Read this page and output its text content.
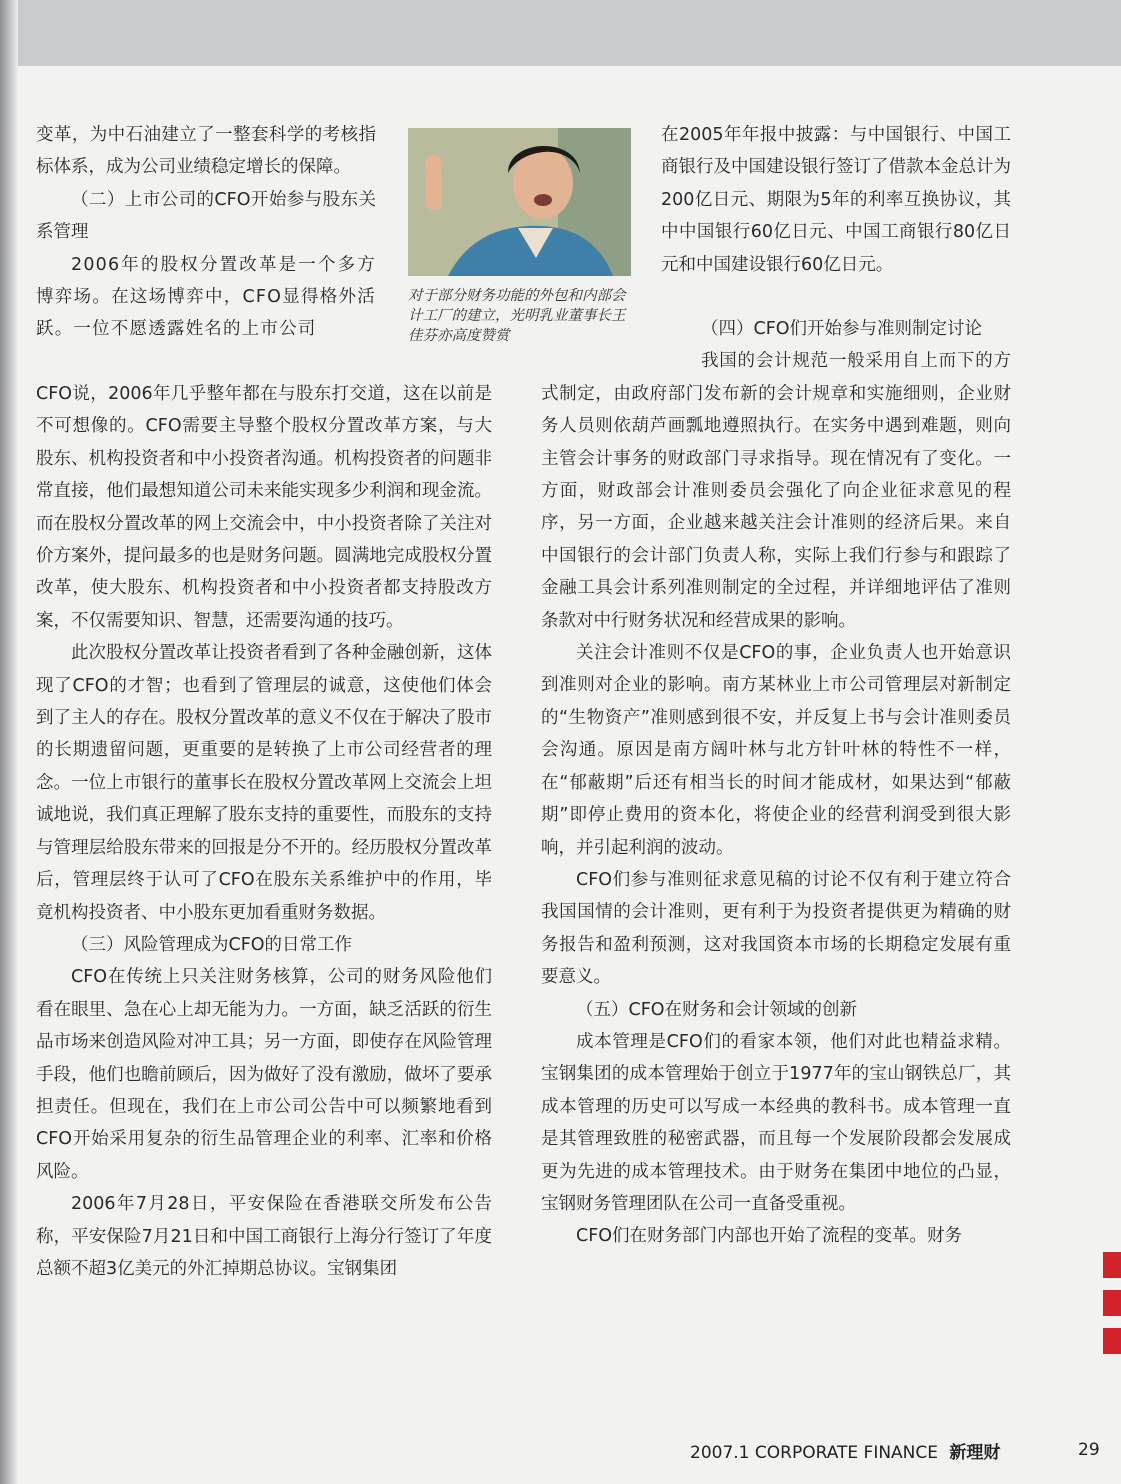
变革，为中石油建立了一整套科学的考核指标体系，成为公司业绩稳定增长的保障。

（二）上市公司的CFO开始参与股东关系管理

2006年的股权分置改革是一个多方博弈场。在这场博弈中，CFO显得格外活跃。一位不愿透露姓名的上市公司

对于部分财务功能的外包和内部会计工厂的建立，光明乳业董事长王佳芬亦高度赞赏

在2005年年报中披露：与中国银行、中国工商银行及中国建设银行签订了借款本金总计为200亿日元、期限为5年的利率互换协议，其中中国银行60亿日元、中国工商银行80亿日元和中国建设银行60亿日元。

CFO说，2006年几乎整年都在与股东打交道，这在以前是不可想像的。CFO需要主导整个股权分置改革方案，与大股东、机构投资者和中小投资者沟通。机构投资者的问题非常直接，他们最想知道公司未来能实现多少利润和现金流。而在股权分置改革的网上交流会中，中小投资者除了关注对价方案外，提问最多的也是财务问题。圆满地完成股权分置改革，使大股东、机构投资者和中小投资者都支持股改方案，不仅需要知识、智慧，还需要沟通的技巧。

此次股权分置改革让投资者看到了各种金融创新，这体现了CFO的才智；也看到了管理层的诚意，这使他们体会到了主人的存在。股权分置改革的意义不仅在于解决了股市的长期遗留问题，更重要的是转换了上市公司经营者的理念。一位上市银行的董事长在股权分置改革网上交流会上坦诚地说，我们真正理解了股东支持的重要性，而股东的支持与管理层给股东带来的回报是分不开的。经历股权分置改革后，管理层终于认可了CFO在股东关系维护中的作用，毕竟机构投资者、中小股东更加看重财务数据。

（三）风险管理成为CFO的日常工作

CFO在传统上只关注财务核算，公司的财务风险他们看在眼里、急在心上却无能为力。一方面，缺乏活跃的衍生品市场来创造风险对冲工具；另一方面，即使存在风险管理手段，他们也瞻前顾后，因为做好了没有激励，做坏了要承担责任。但现在，我们在上市公司公告中可以频繁地看到CFO开始采用复杂的衍生品管理企业的利率、汇率和价格风险。

2006年7月28日，平安保险在香港联交所发布公告称，平安保险7月21日和中国工商银行上海分行签订了年度总额不超3亿美元的外汇掉期总协议。宝钢集团

（四）CFO们开始参与准则制定讨论

我国的会计规范一般采用自上而下的方式制定，由政府部门发布新的会计规章和实施细则，企业财务人员则依葫芦画瓢地遵照执行。在实务中遇到难题，则向主管会计事务的财政部门寻求指导。现在情况有了变化。一方面，财政部会计准则委员会强化了向企业征求意见的程序，另一方面，企业越来越关注会计准则的经济后果。来自中国银行的会计部门负责人称，实际上我们行参与和跟踪了金融工具会计系列准则制定的全过程，并详细地评估了准则条款对中行财务状况和经营成果的影响。

关注会计准则不仅是CFO的事，企业负责人也开始意识到准则对企业的影响。南方某林业上市公司管理层对新制定的“生物资产”准则感到很不安，并反复上书与会计准则委员会沟通。原因是南方阔叶林与北方针叶林的特性不一样，在“郁蔽期”后还有相当长的时间才能成材，如果达到“郁蔽期”即停止费用的资本化，将使企业的经营利润受到很大影响，并引起利润的波动。

CFO们参与准则征求意见稿的讨论不仅有利于建立符合我国国情的会计准则，更有利于为投资者提供更为精确的财务报告和盈利预测，这对我国资本市场的长期稳定发展有重要意义。

（五）CFO在财务和会计领域的创新

成本管理是CFO们的看家本领，他们对此也精益求精。宝钢集团的成本管理始于创立于1977年的宝山钢铁总厂，其成本管理的历史可以写成一本经典的教科书。成本管理一直是其管理致胜的秘密武器，而且每一个发展阶段都会发展成更为先进的成本管理技术。由于财务在集团中地位的凸显，宝钢财务管理团队在公司一直备受重视。

CFO们在财务部门内部也开始了流程的变革。财务

2007.1 CORPORATE FINANCE 新理财	29
